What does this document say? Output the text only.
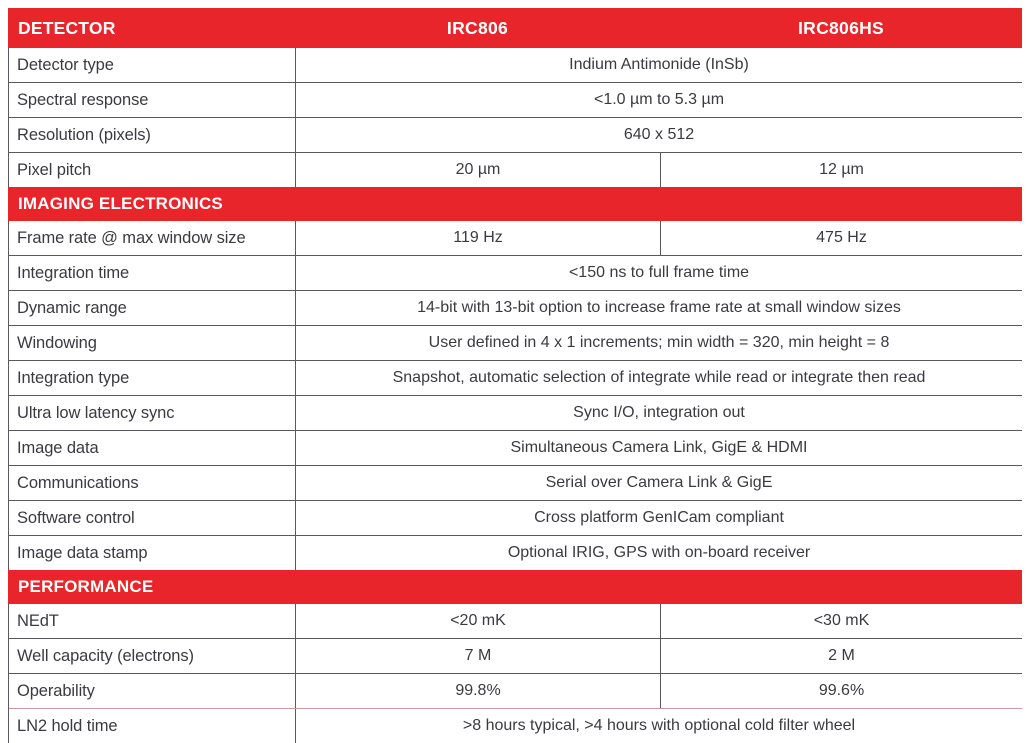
DETECTOR	IRC806	IRC806HS
Detector type	Indium Antimonide (InSb)
Spectral response	<1.0 µm to 5.3 µm
Resolution (pixels)	640 x 512
Pixel pitch	20 µm	12 µm
IMAGING ELECTRONICS
Frame rate @ max window size	119 Hz	475 Hz
Integration time	<150 ns to full frame time
Dynamic range	14-bit with 13-bit option to increase frame rate at small window sizes
Windowing	User defined in 4 x 1 increments; min width = 320, min height = 8
Integration type	Snapshot, automatic selection of integrate while read or integrate then read
Ultra low latency sync	Sync I/O, integration out
Image data	Simultaneous Camera Link, GigE & HDMI
Communications	Serial over Camera Link & GigE
Software control	Cross platform GenICam compliant
Image data stamp	Optional IRIG, GPS with on-board receiver
PERFORMANCE
NEdT	<20 mK	<30 mK
Well capacity (electrons)	7 M	2 M
Operability	99.8%	99.6%
LN2 hold time	>8 hours typical, >4 hours with optional cold filter wheel
